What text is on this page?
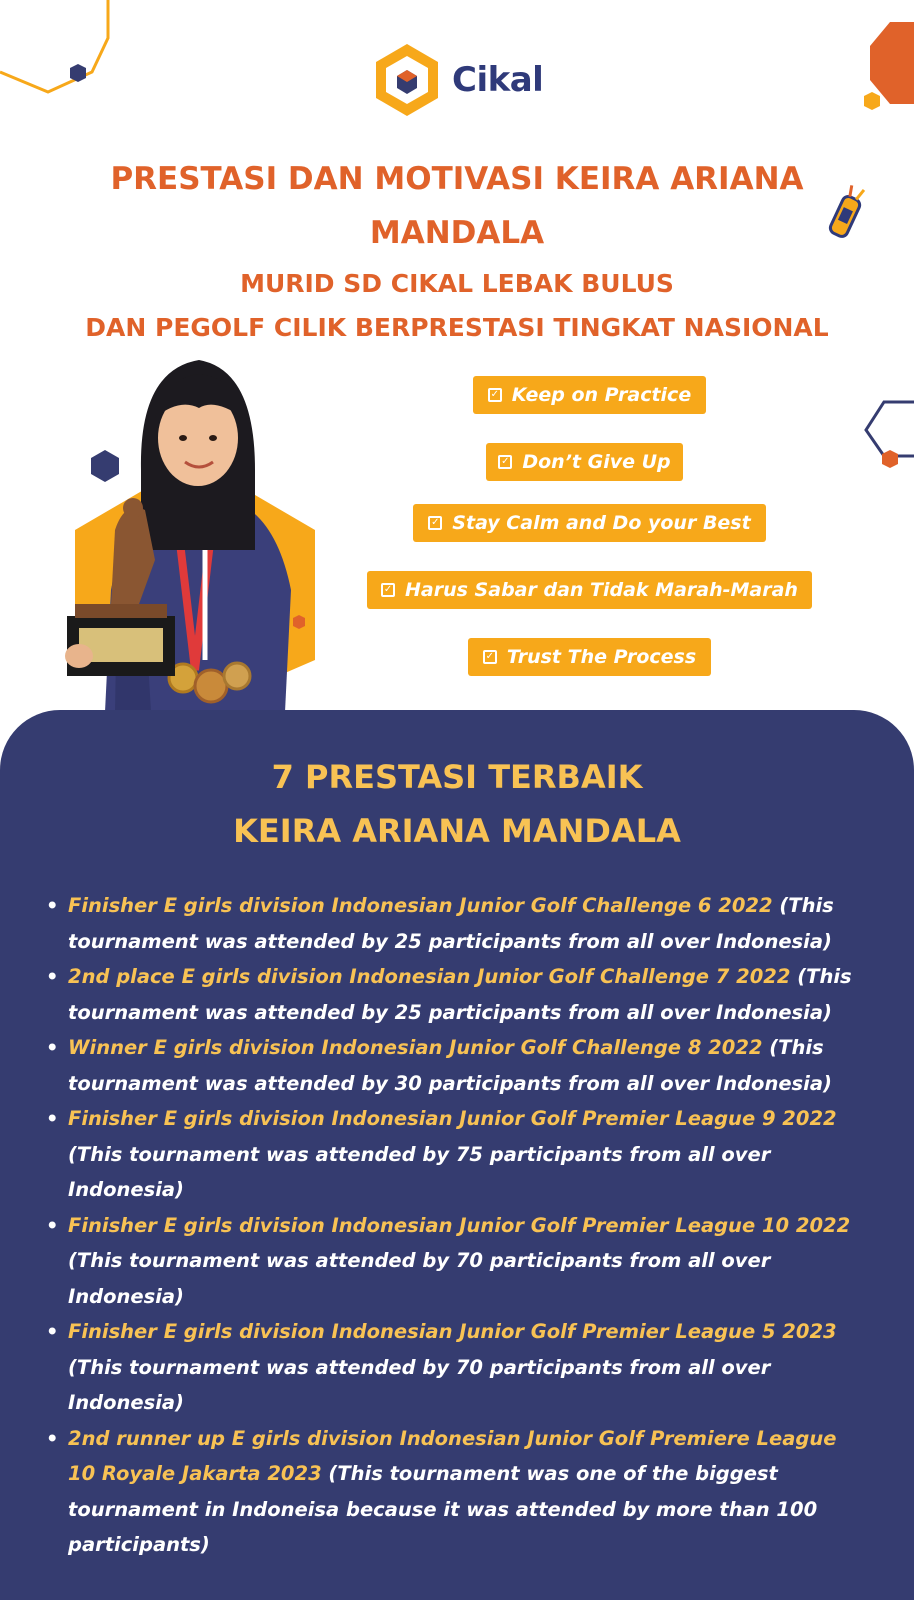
Cikal
PRESTASI DAN MOTIVASI KEIRA ARIANA MANDALA
MURID SD CIKAL LEBAK BULUS
DAN PEGOLF CILIK BERPRESTASI TINGKAT NASIONAL
✓ Keep on Practice
✓ Don’t Give Up
✓ Stay Calm and Do your Best
✓ Harus Sabar dan Tidak Marah-Marah
✓ Trust The Process
7 PRESTASI TERBAIK
KEIRA ARIANA MANDALA
• Finisher E girls division Indonesian Junior Golf Challenge 6 2022 (This tournament was attended by 25 participants from all over Indonesia)
• 2nd place E girls division Indonesian Junior Golf Challenge 7 2022 (This tournament was attended by 25 participants from all over Indonesia)
• Winner E girls division Indonesian Junior Golf Challenge 8 2022 (This tournament was attended by 30 participants from all over Indonesia)
• Finisher E girls division Indonesian Junior Golf Premier League 9 2022 (This tournament was attended by 75 participants from all over Indonesia)
• Finisher E girls division Indonesian Junior Golf Premier League 10 2022 (This tournament was attended by 70 participants from all over Indonesia)
• Finisher E girls division Indonesian Junior Golf Premier League 5 2023 (This tournament was attended by 70 participants from all over Indonesia)
• 2nd runner up E girls division Indonesian Junior Golf Premiere League 10 Royale Jakarta 2023 (This tournament was one of the biggest tournament in Indoneisa because it was attended by more than 100 participants)
